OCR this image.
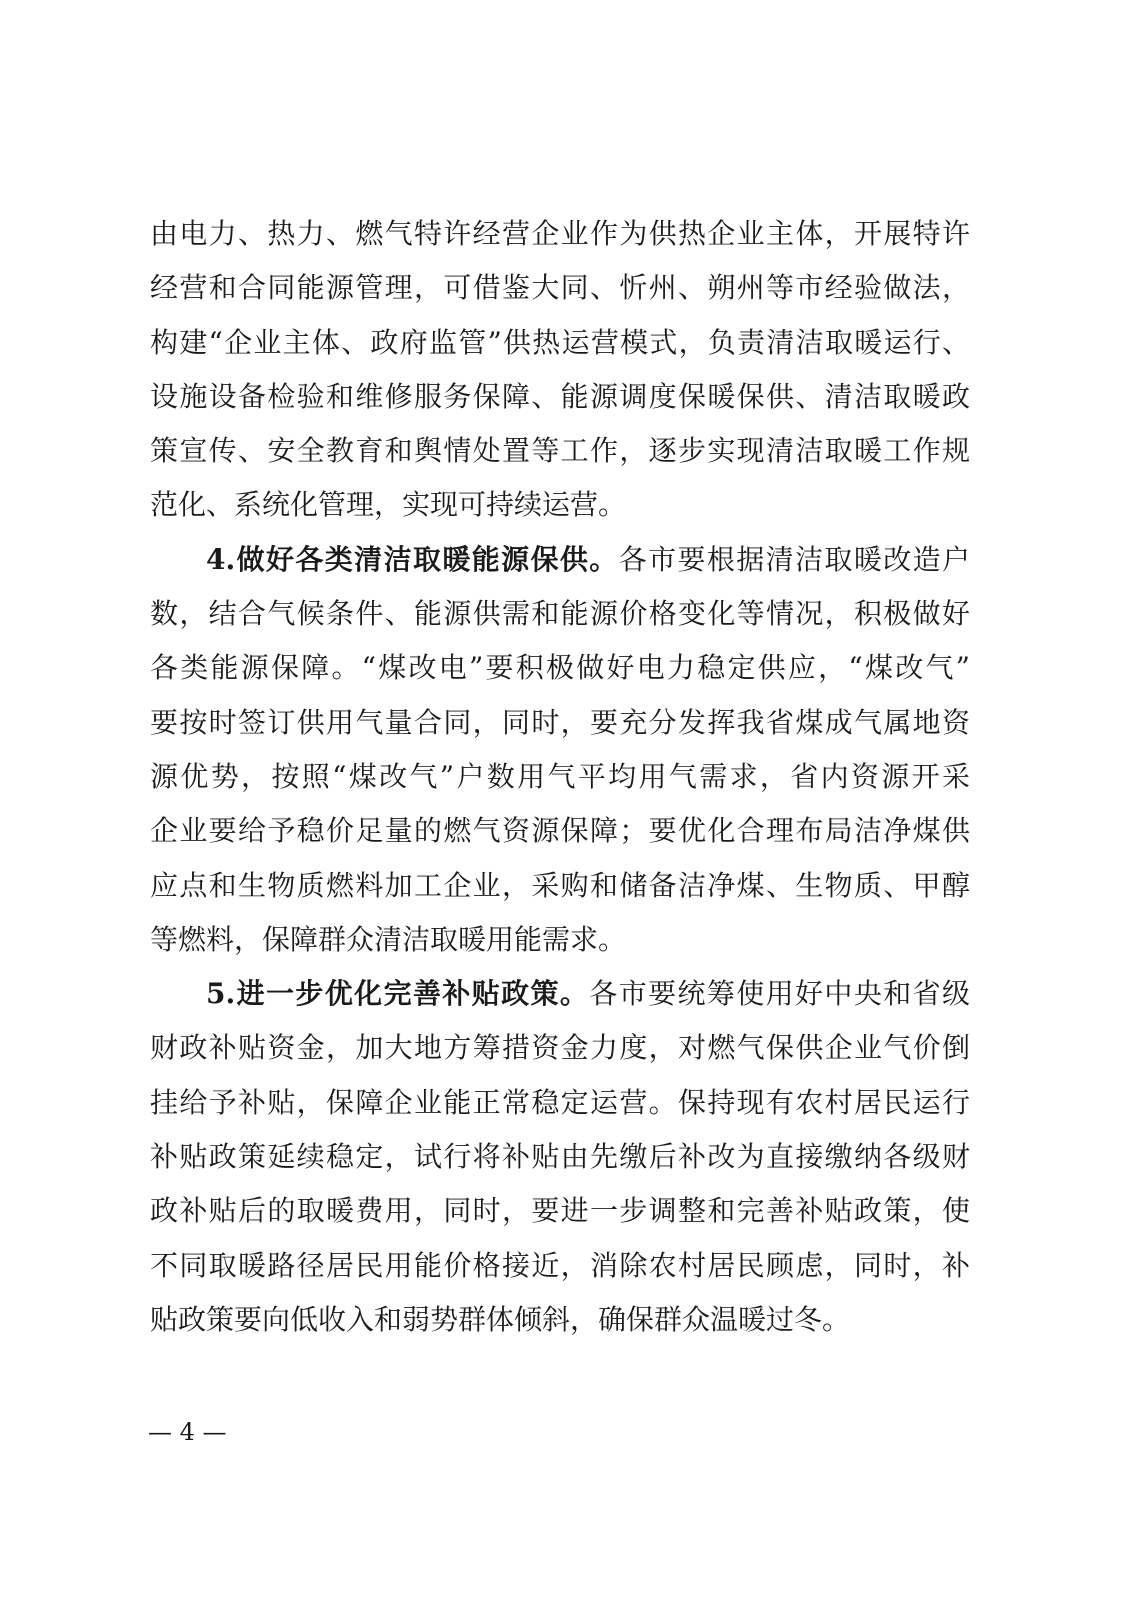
由电力、热力、燃气特许经营企业作为供热企业主体，开展特许
经营和合同能源管理，可借鉴大同、忻州、朔州等市经验做法，
构建“企业主体、政府监管”供热运营模式，负责清洁取暖运行、
设施设备检验和维修服务保障、能源调度保暖保供、清洁取暖政
策宣传、安全教育和舆情处置等工作，逐步实现清洁取暖工作规
范化、系统化管理，实现可持续运营。
4.做好各类清洁取暖能源保供。各市要根据清洁取暖改造户
数，结合气候条件、能源供需和能源价格变化等情况，积极做好
各类能源保障。“煤改电”要积极做好电力稳定供应，“煤改气”
要按时签订供用气量合同，同时，要充分发挥我省煤成气属地资
源优势，按照“煤改气”户数用气平均用气需求，省内资源开采
企业要给予稳价足量的燃气资源保障；要优化合理布局洁净煤供
应点和生物质燃料加工企业，采购和储备洁净煤、生物质、甲醇
等燃料，保障群众清洁取暖用能需求。
5.进一步优化完善补贴政策。各市要统筹使用好中央和省级
财政补贴资金，加大地方筹措资金力度，对燃气保供企业气价倒
挂给予补贴，保障企业能正常稳定运营。保持现有农村居民运行
补贴政策延续稳定，试行将补贴由先缴后补改为直接缴纳各级财
政补贴后的取暖费用，同时，要进一步调整和完善补贴政策，使
不同取暖路径居民用能价格接近，消除农村居民顾虑，同时，补
贴政策要向低收入和弱势群体倾斜，确保群众温暖过冬。
— 4 —
